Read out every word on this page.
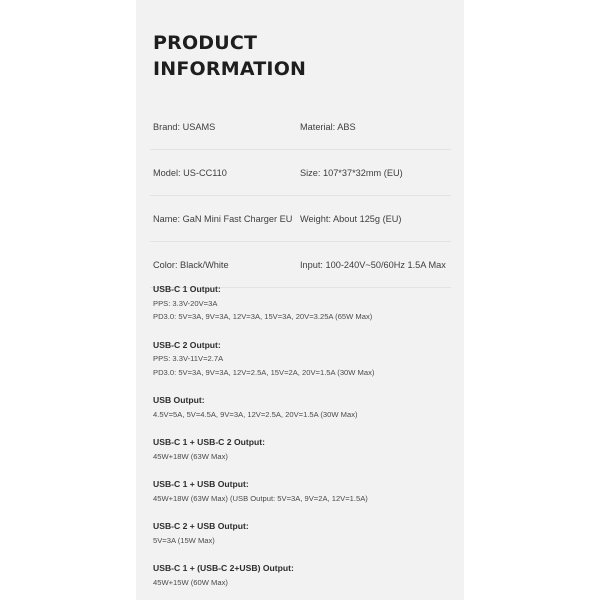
PRODUCT
INFORMATION
Brand: USAMS	Material: ABS
Model: US-CC110	Size: 107*37*32mm (EU)
Name: GaN Mini Fast Charger EU Weight: About 125g (EU)
Color: Black/White	Input: 100-240V~50/60Hz 1.5A Max
USB-C 1 Output:
PPS: 3.3V-20V=3A
PD3.0: 5V=3A, 9V=3A, 12V=3A, 15V=3A, 20V=3.25A (65W Max)
USB-C 2 Output:
PPS: 3.3V-11V=2.7A
PD3.0: 5V=3A, 9V=3A, 12V=2.5A, 15V=2A, 20V=1.5A (30W Max)
USB Output:
4.5V=5A, 5V=4.5A, 9V=3A, 12V=2.5A, 20V=1.5A (30W Max)
USB-C 1 + USB-C 2 Output:
45W+18W (63W Max)
USB-C 1 + USB Output:
45W+18W (63W Max) (USB Output: 5V=3A, 9V=2A, 12V=1.5A)
USB-C 2 + USB Output:
5V=3A (15W Max)
USB-C 1 + (USB-C 2+USB) Output:
45W+15W (60W Max)
